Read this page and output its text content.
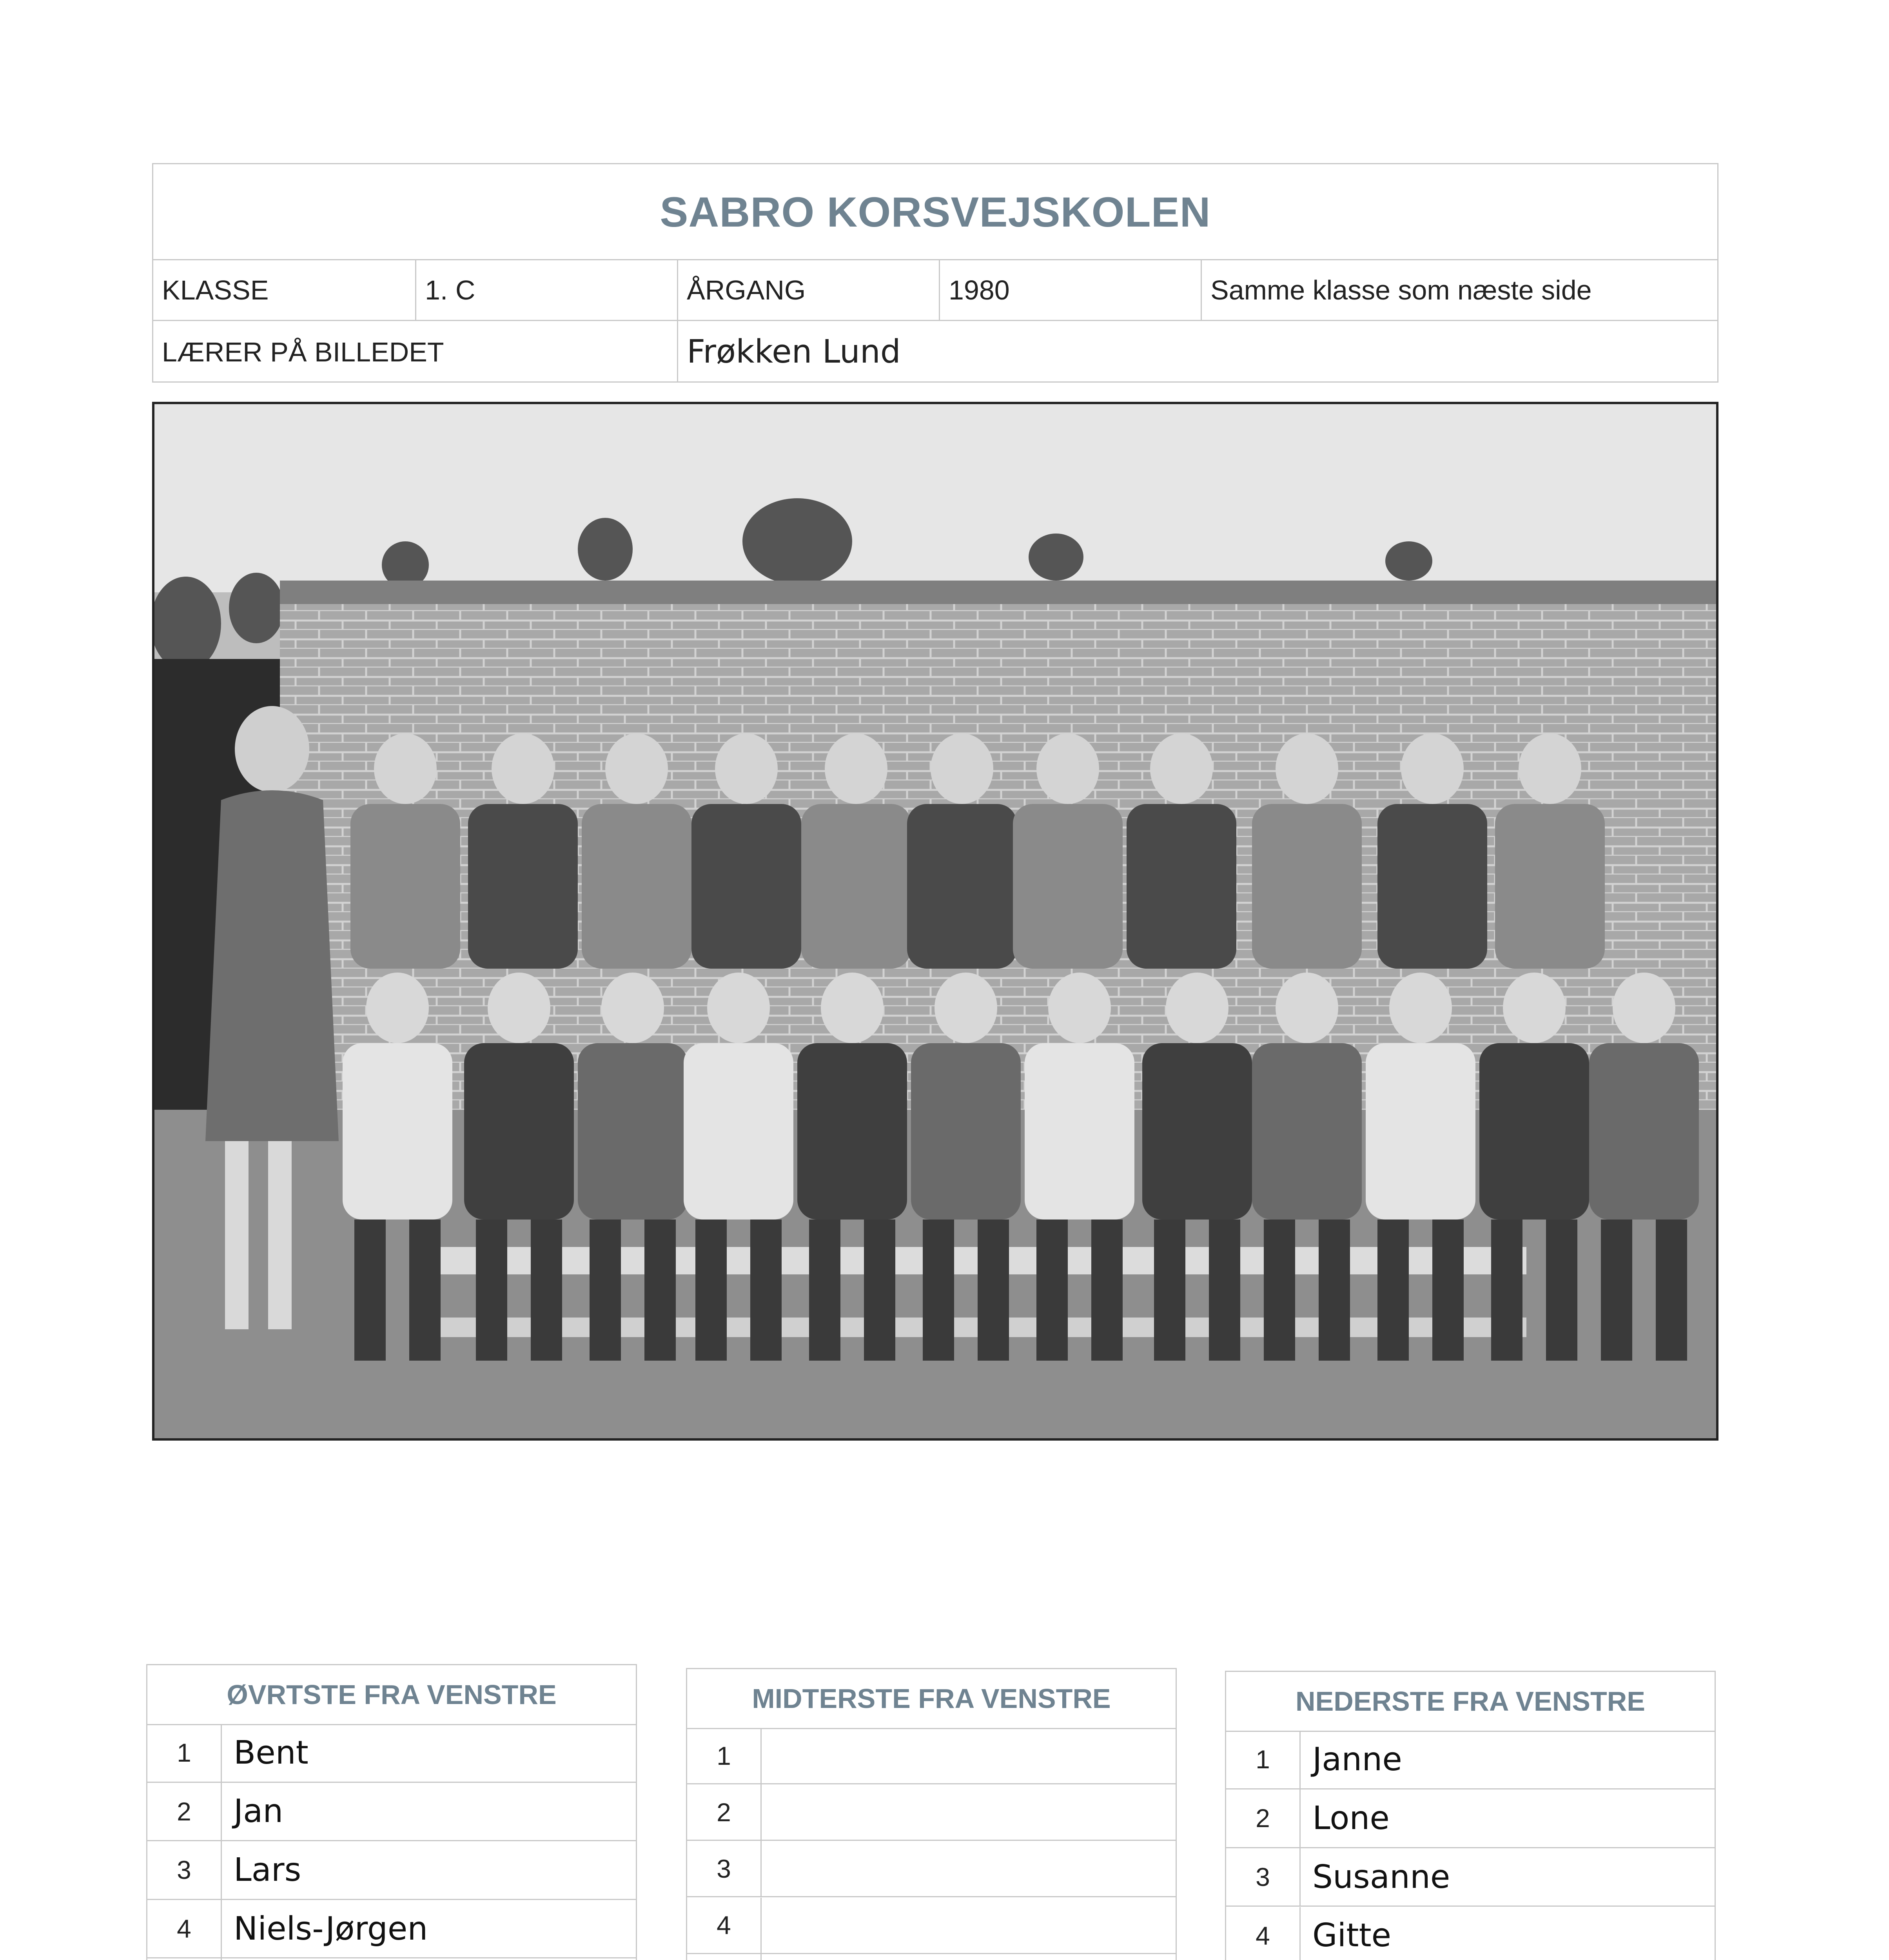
SABRO KORSVEJSKOLEN
KLASSE	1. C	ÅRGANG	1980	Samme klasse som næste side
LÆRER PÅ BILLEDET	Frøkken Lund
ØVRTSTE FRA VENSTRE
1	Bent
2	Jan
3	Lars
4	Niels-Jørgen
MIDTERSTE FRA VENSTRE
1
2
3
4
NEDERSTE FRA VENSTRE
1	Janne
2	Lone
3	Susanne
4	Gitte
